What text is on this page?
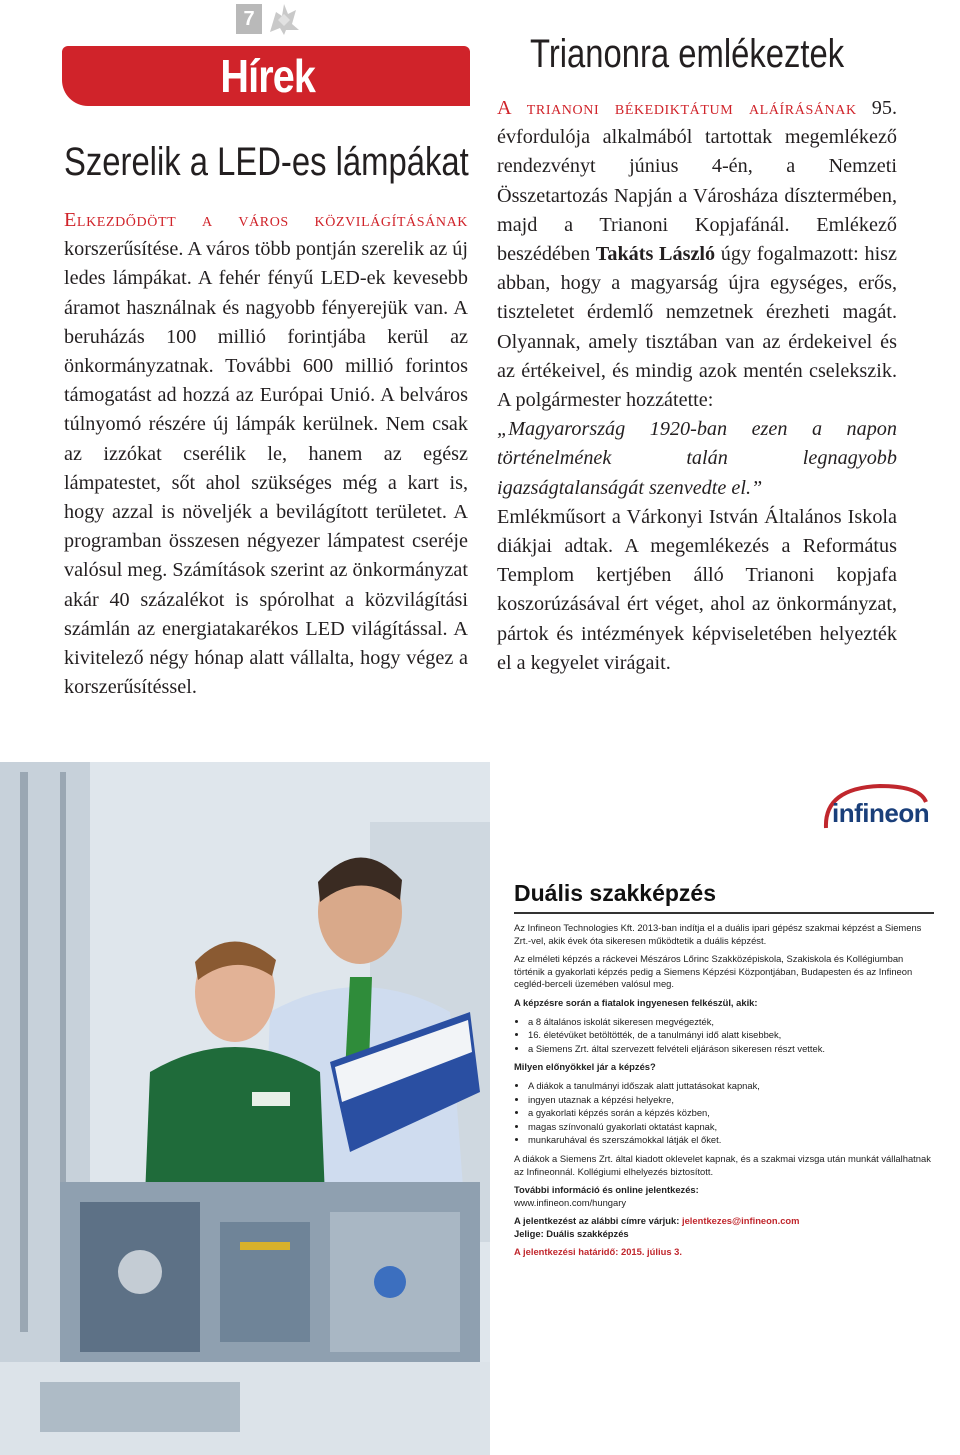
7
Hírek
Szerelik a LED-es lámpákat

Elkezdődött a város közvilágításának korszerűsítése. A város több pontján szerelik az új ledes lámpákat. A fehér fényű LED-ek kevesebb áramot használnak és nagyobb fényerejük van. A beruházás 100 millió forintjába kerül az önkormányzatnak. További 600 millió forintos támogatást ad hozzá az Európai Unió. A belváros túlnyomó részére új lámpák kerülnek. Nem csak az izzókat cserélik le, hanem az egész lámpatestet, sőt ahol szükséges még a kart is, hogy azzal is növeljék a bevilágított területet. A programban összesen négyezer lámpatest cseréje valósul meg. Számítások szerint az önkormányzat akár 40 százalékot is spórolhat a közvilágítási számlán az energiatakarékos LED világítással. A kivitelező négy hónap alatt vállalta, hogy végez a korszerűsítéssel.

Trianonra emlékeztek

A trianoni békediktátum aláírásának 95. évfordulója alkalmából tartottak megemlékező rendezvényt június 4-én, a Nemzeti Összetartozás Napján a Városháza dísztermében, majd a Trianoni Kopjafánál. Emlékező beszédében Takáts László úgy fogalmazott: hisz abban, hogy a magyarság újra egységes, erős, tiszteletet érdemlő nemzetnek érezheti magát. Olyannak, amely tisztában van az érdekeivel és az értékeivel, és mindig azok mentén cselekszik. A polgármester hozzátette:

„Magyarország 1920-ban ezen a napon történelmének talán legnagyobb igazságtalanságát szenvedte el.”

Emlékműsort a Várkonyi István Általános Iskola diákjai adtak. A megemlékezés a Református Templom kertjében álló Trianoni kopjafa koszorúzásával ért véget, ahol az önkormányzat, pártok és intézmények képviseletében helyezték el a kegyelet virágait.

infineon
Duális szakképzés

Az Infineon Technologies Kft. 2013-ban indítja el a duális ipari gépész szakmai képzést a Siemens Zrt.-vel, akik évek óta sikeresen működtetik a duális képzést.

Az elméleti képzés a ráckevei Mészáros Lőrinc Szakközépiskola, Szakiskola és Kollégiumban történik a gyakorlati képzés pedig a Siemens Képzési Központjában, Budapesten és az Infineon cegléd-berceli üzemében valósul meg.

A képzésre során a fiatalok ingyenesen felkészül, akik:

• a 8 általános iskolát sikeresen megvégezték,
• 16. életévüket betöltötték, de a tanulmányi idő alatt kisebbek,
• a Siemens Zrt. által szervezett felvételi eljáráson sikeresen részt vettek.

Milyen előnyökkel jár a képzés?

• A diákok a tanulmányi időszak alatt juttatásokat kapnak,
• ingyen utaznak a képzési helyekre,
• a gyakorlati képzés során a képzés közben,
• magas színvonalú gyakorlati oktatást kapnak,
• munkaruhával és szerszámokkal látják el őket.

A diákok a Siemens Zrt. által kiadott oklevelet kapnak, és a szakmai vizsga után munkát vállalhatnak az Infineonnál. Kollégiumi elhelyezés biztosított.

További információ és online jelentkezés:
www.infineon.com/hungary

A jelentkezést az alábbi címre várjuk: jelentkezes@infineon.com
Jelige: Duális szakképzés

A jelentkezési határidő: 2015. július 3.
